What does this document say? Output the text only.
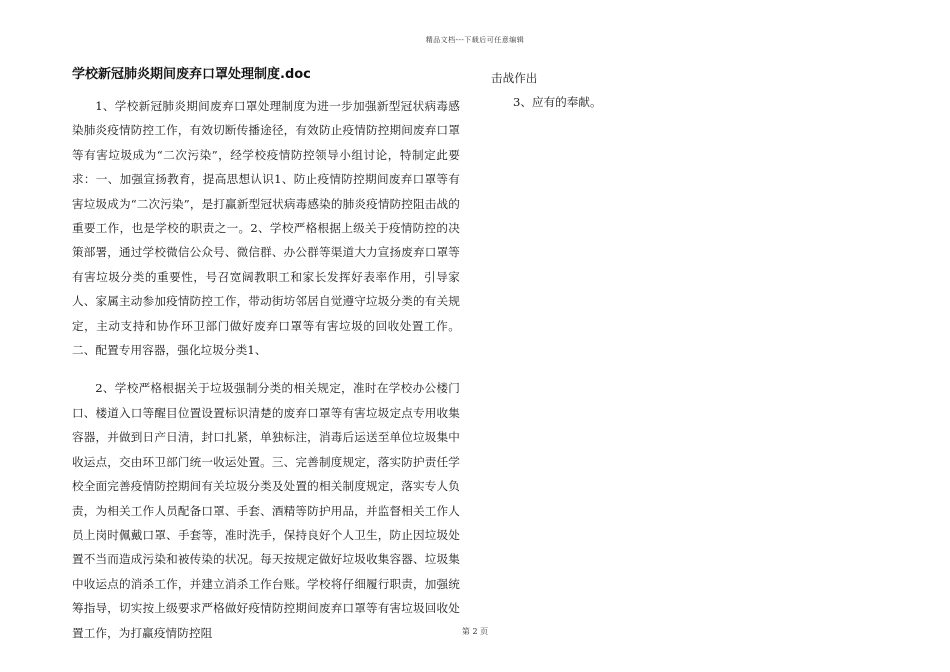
精品文档---下载后可任意编辑
学校新冠肺炎期间废弃口罩处理制度.doc

1、学校新冠肺炎期间废弃口罩处理制度为进一步加强新型冠状病毒感染肺炎疫情防控工作，有效切断传播途径，有效防止疫情防控期间废弃口罩等有害垃圾成为“二次污染”，经学校疫情防控领导小组讨论，特制定此要求：一、加强宣扬教育，提高思想认识1、防止疫情防控期间废弃口罩等有害垃圾成为“二次污染”，是打赢新型冠状病毒感染的肺炎疫情防控阻击战的重要工作，也是学校的职责之一。2、学校严格根据上级关于疫情防控的决策部署，通过学校微信公众号、微信群、办公群等渠道大力宣扬废弃口罩等有害垃圾分类的重要性，号召宽阔教职工和家长发挥好表率作用，引导家人、家属主动参加疫情防控工作，带动街坊邻居自觉遵守垃圾分类的有关规定，主动支持和协作环卫部门做好废弃口罩等有害垃圾的回收处置工作。二、配置专用容器，强化垃圾分类1、

2、学校严格根据关于垃圾强制分类的相关规定，准时在学校办公楼门口、楼道入口等醒目位置设置标识清楚的废弃口罩等有害垃圾定点专用收集容器，并做到日产日清，封口扎紧，单独标注，消毒后运送至单位垃圾集中收运点，交由环卫部门统一收运处置。三、完善制度规定，落实防护责任学校全面完善疫情防控期间有关垃圾分类及处置的相关制度规定，落实专人负责，为相关工作人员配备口罩、手套、酒精等防护用品，并监督相关工作人员上岗时佩戴口罩、手套等，准时洗手，保持良好个人卫生，防止因垃圾处置不当而造成污染和被传染的状况。每天按规定做好垃圾收集容器、垃圾集中收运点的消杀工作，并建立消杀工作台账。学校将仔细履行职责，加强统筹指导，切实按上级要求严格做好疫情防控期间废弃口罩等有害垃圾回收处置工作，为打赢疫情防控阻

击战作出

3、应有的奉献。

第 2 页
